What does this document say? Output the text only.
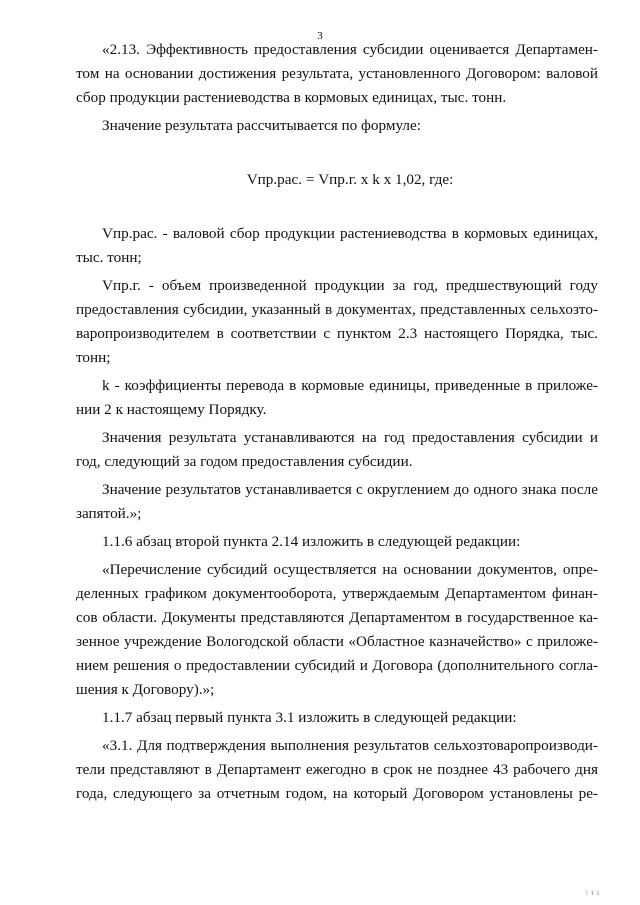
3

«2.13. Эффективность предоставления субсидии оценивается Департамен-
том на основании достижения результата, установленного Договором: валовой
сбор продукции растениеводства в кормовых единицах, тыс. тонн.

Значение результата рассчитывается по формуле:

Vпр.рас. = Vпр.г. x k x 1,02, где:

Vпр.рас. - валовой сбор продукции растениеводства в кормовых единицах,
тыс. тонн;

Vпр.г. - объем произведенной продукции за год, предшествующий году
предоставления субсидии, указанный в документах, представленных сельхозто-
варопроизводителем в соответствии с пунктом 2.3 настоящего Порядка, тыс.
тонн;

k - коэффициенты перевода в кормовые единицы, приведенные в приложе-
нии 2 к настоящему Порядку.

Значения результата устанавливаются на год предоставления субсидии и
год, следующий за годом предоставления субсидии.

Значение результатов устанавливается с округлением до одного знака после
запятой.»;

1.1.6 абзац второй пункта 2.14 изложить в следующей редакции:

«Перечисление субсидий осуществляется на основании документов, опре-
деленных графиком документооборота, утверждаемым Департаментом финан-
сов области. Документы представляются Департаментом в государственное ка-
зенное учреждение Вологодской области «Областное казначейство» с приложе-
нием решения о предоставлении субсидий и Договора (дополнительного согла-
шения к Договору).»;

1.1.7 абзац первый пункта 3.1 изложить в следующей редакции:

«3.1. Для подтверждения выполнения результатов сельхозтоваропроизводи-
тели представляют в Департамент ежегодно в срок не позднее 43 рабочего дня
года, следующего за отчетным годом, на который Договором установлены ре-

\ t i
